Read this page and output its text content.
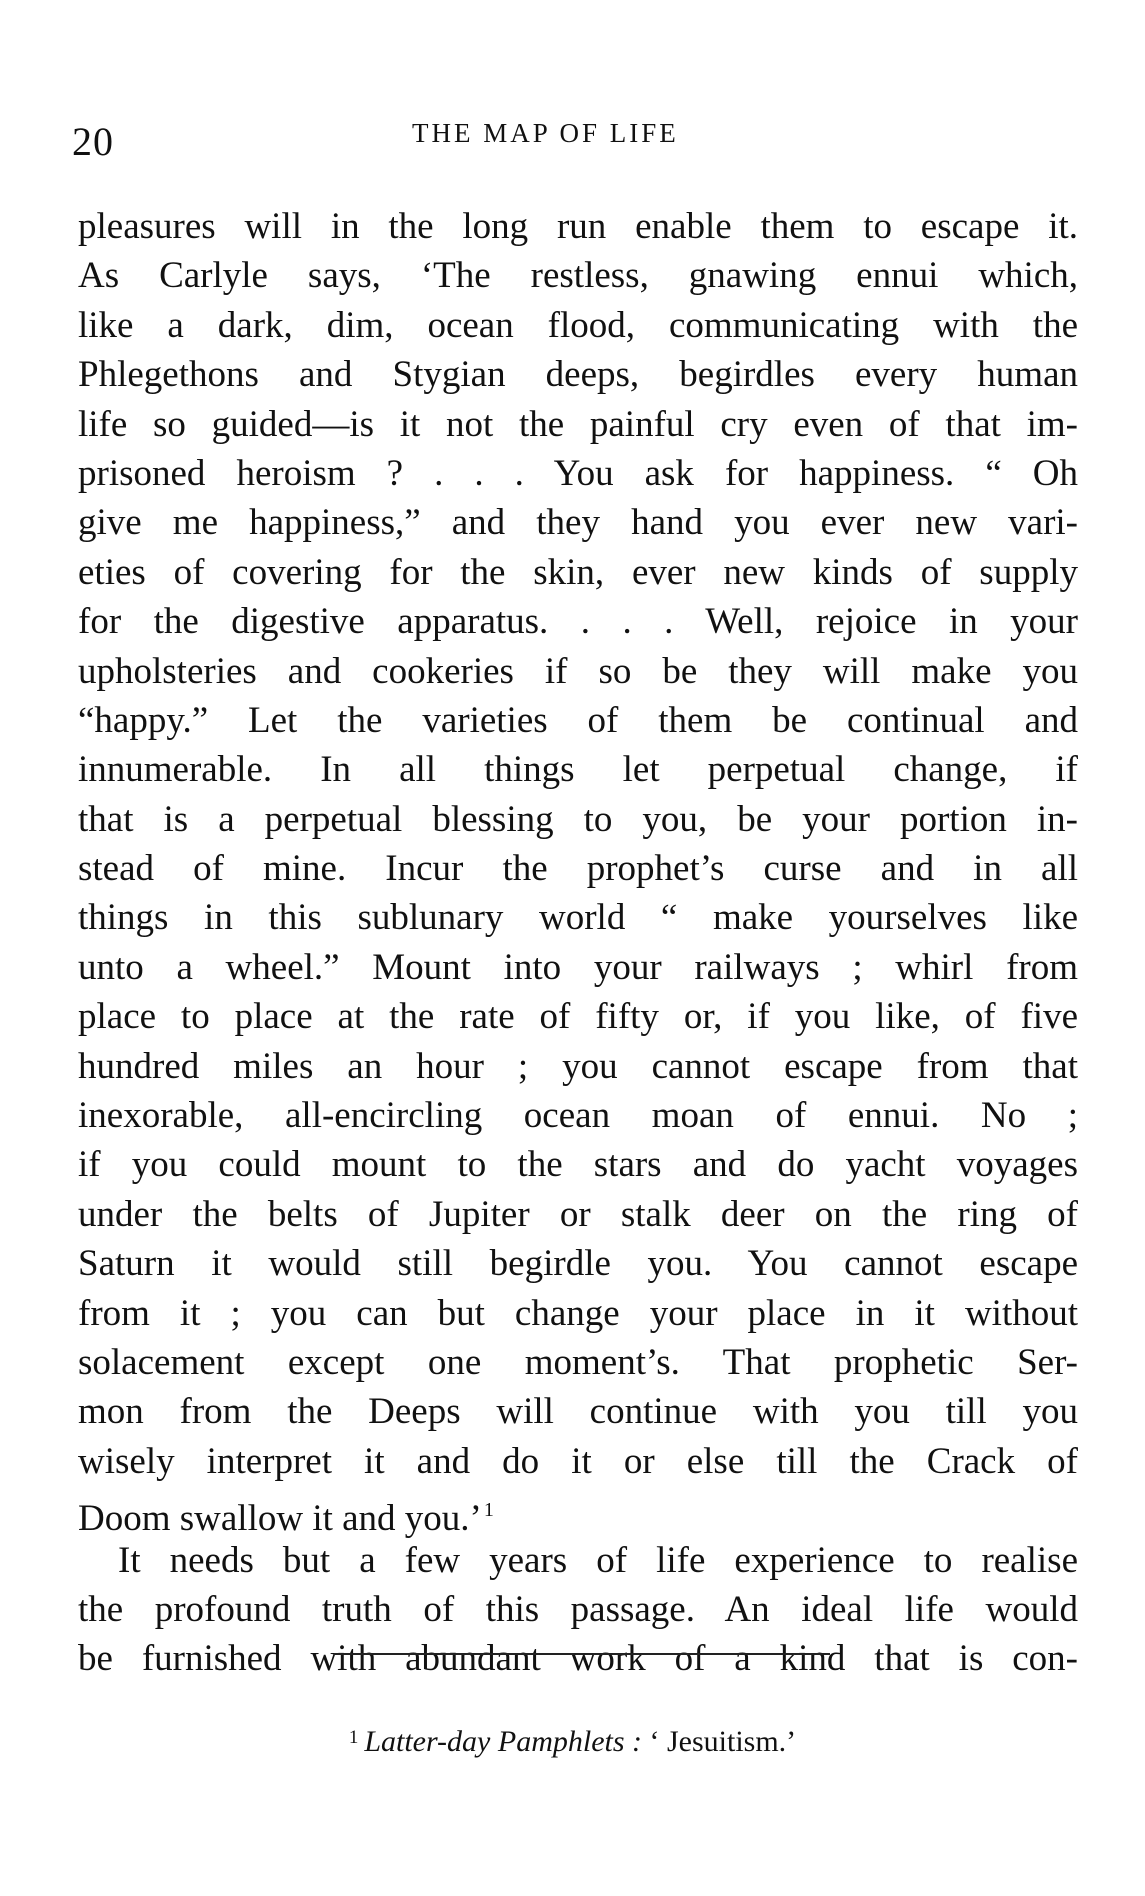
20	THE MAP OF LIFE
pleasures will in the long run enable them to escape it.
As Carlyle says, ‘The restless, gnawing ennui which,
like a dark, dim, ocean flood, communicating with the
Phlegethons and Stygian deeps, begirdles every human
life so guided—is it not the painful cry even of that im-
prisoned heroism ? . . . You ask for happiness. “ Oh
give me happiness,” and they hand you ever new vari-
eties of covering for the skin, ever new kinds of supply
for the digestive apparatus. . . . Well, rejoice in your
upholsteries and cookeries if so be they will make you
“happy.” Let the varieties of them be continual and
innumerable. In all things let perpetual change, if
that is a perpetual blessing to you, be your portion in-
stead of mine. Incur the prophet’s curse and in all
things in this sublunary world “ make yourselves like
unto a wheel.” Mount into your railways ; whirl from
place to place at the rate of fifty or, if you like, of five
hundred miles an hour ; you cannot escape from that
inexorable, all-encircling ocean moan of ennui. No ;
if you could mount to the stars and do yacht voyages
under the belts of Jupiter or stalk deer on the ring of
Saturn it would still begirdle you. You cannot escape
from it ; you can but change your place in it without
solacement except one moment’s. That prophetic Ser-
mon from the Deeps will continue with you till you
wisely interpret it and do it or else till the Crack of
Doom swallow it and you.’ $^1$
It needs but a few years of life experience to realise
the profound truth of this passage. An ideal life would
be furnished with abundant work of a kind that is con-
$^1$ Latter-day Pamphlets : ‘ Jesuitism.’
